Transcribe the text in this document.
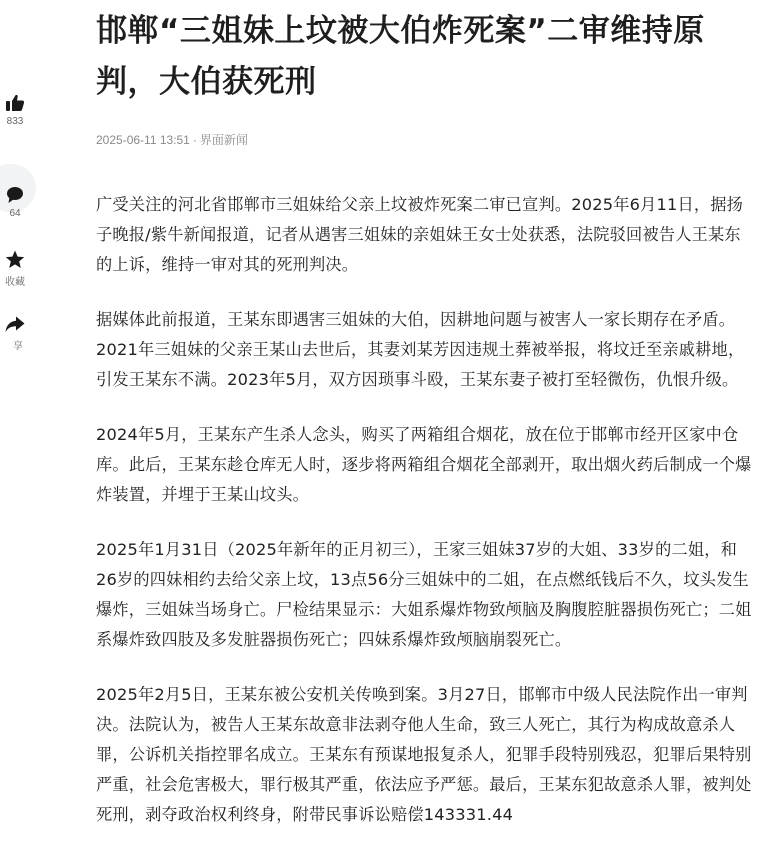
833
64
收藏
享
邯郸“三姐妹上坟被大伯炸死案”二审维持原判，大伯获死刑
2025-06-11 13:51 · 界面新闻

广受关注的河北省邯郸市三姐妹给父亲上坟被炸死案二审已宣判。2025年6月11日，据扬子晚报/紫牛新闻报道，记者从遇害三姐妹的亲姐妹王女士处获悉，法院驳回被告人王某东的上诉，维持一审对其的死刑判决。

据媒体此前报道，王某东即遇害三姐妹的大伯，因耕地问题与被害人一家长期存在矛盾。2021年三姐妹的父亲王某山去世后，其妻刘某芳因违规土葬被举报，将坟迁至亲戚耕地，引发王某东不满。2023年5月，双方因琐事斗殴，王某东妻子被打至轻微伤，仇恨升级。

2024年5月，王某东产生杀人念头，购买了两箱组合烟花，放在位于邯郸市经开区家中仓库。此后，王某东趁仓库无人时，逐步将两箱组合烟花全部剥开，取出烟火药后制成一个爆炸装置，并埋于王某山坟头。

2025年1月31日（2025年新年的正月初三），王家三姐妹37岁的大姐、33岁的二姐，和26岁的四妹相约去给父亲上坟，13点56分三姐妹中的二姐，在点燃纸钱后不久，坟头发生爆炸，三姐妹当场身亡。尸检结果显示：大姐系爆炸物致颅脑及胸腹腔脏器损伤死亡；二姐系爆炸致四肢及多发脏器损伤死亡；四妹系爆炸致颅脑崩裂死亡。

2025年2月5日，王某东被公安机关传唤到案。3月27日，邯郸市中级人民法院作出一审判决。法院认为，被告人王某东故意非法剥夺他人生命，致三人死亡，其行为构成故意杀人罪，公诉机关指控罪名成立。王某东有预谋地报复杀人，犯罪手段特别残忍，犯罪后果特别严重，社会危害极大，罪行极其严重，依法应予严惩。最后，王某东犯故意杀人罪，被判处死刑，剥夺政治权利终身，附带民事诉讼赔偿143331.44
